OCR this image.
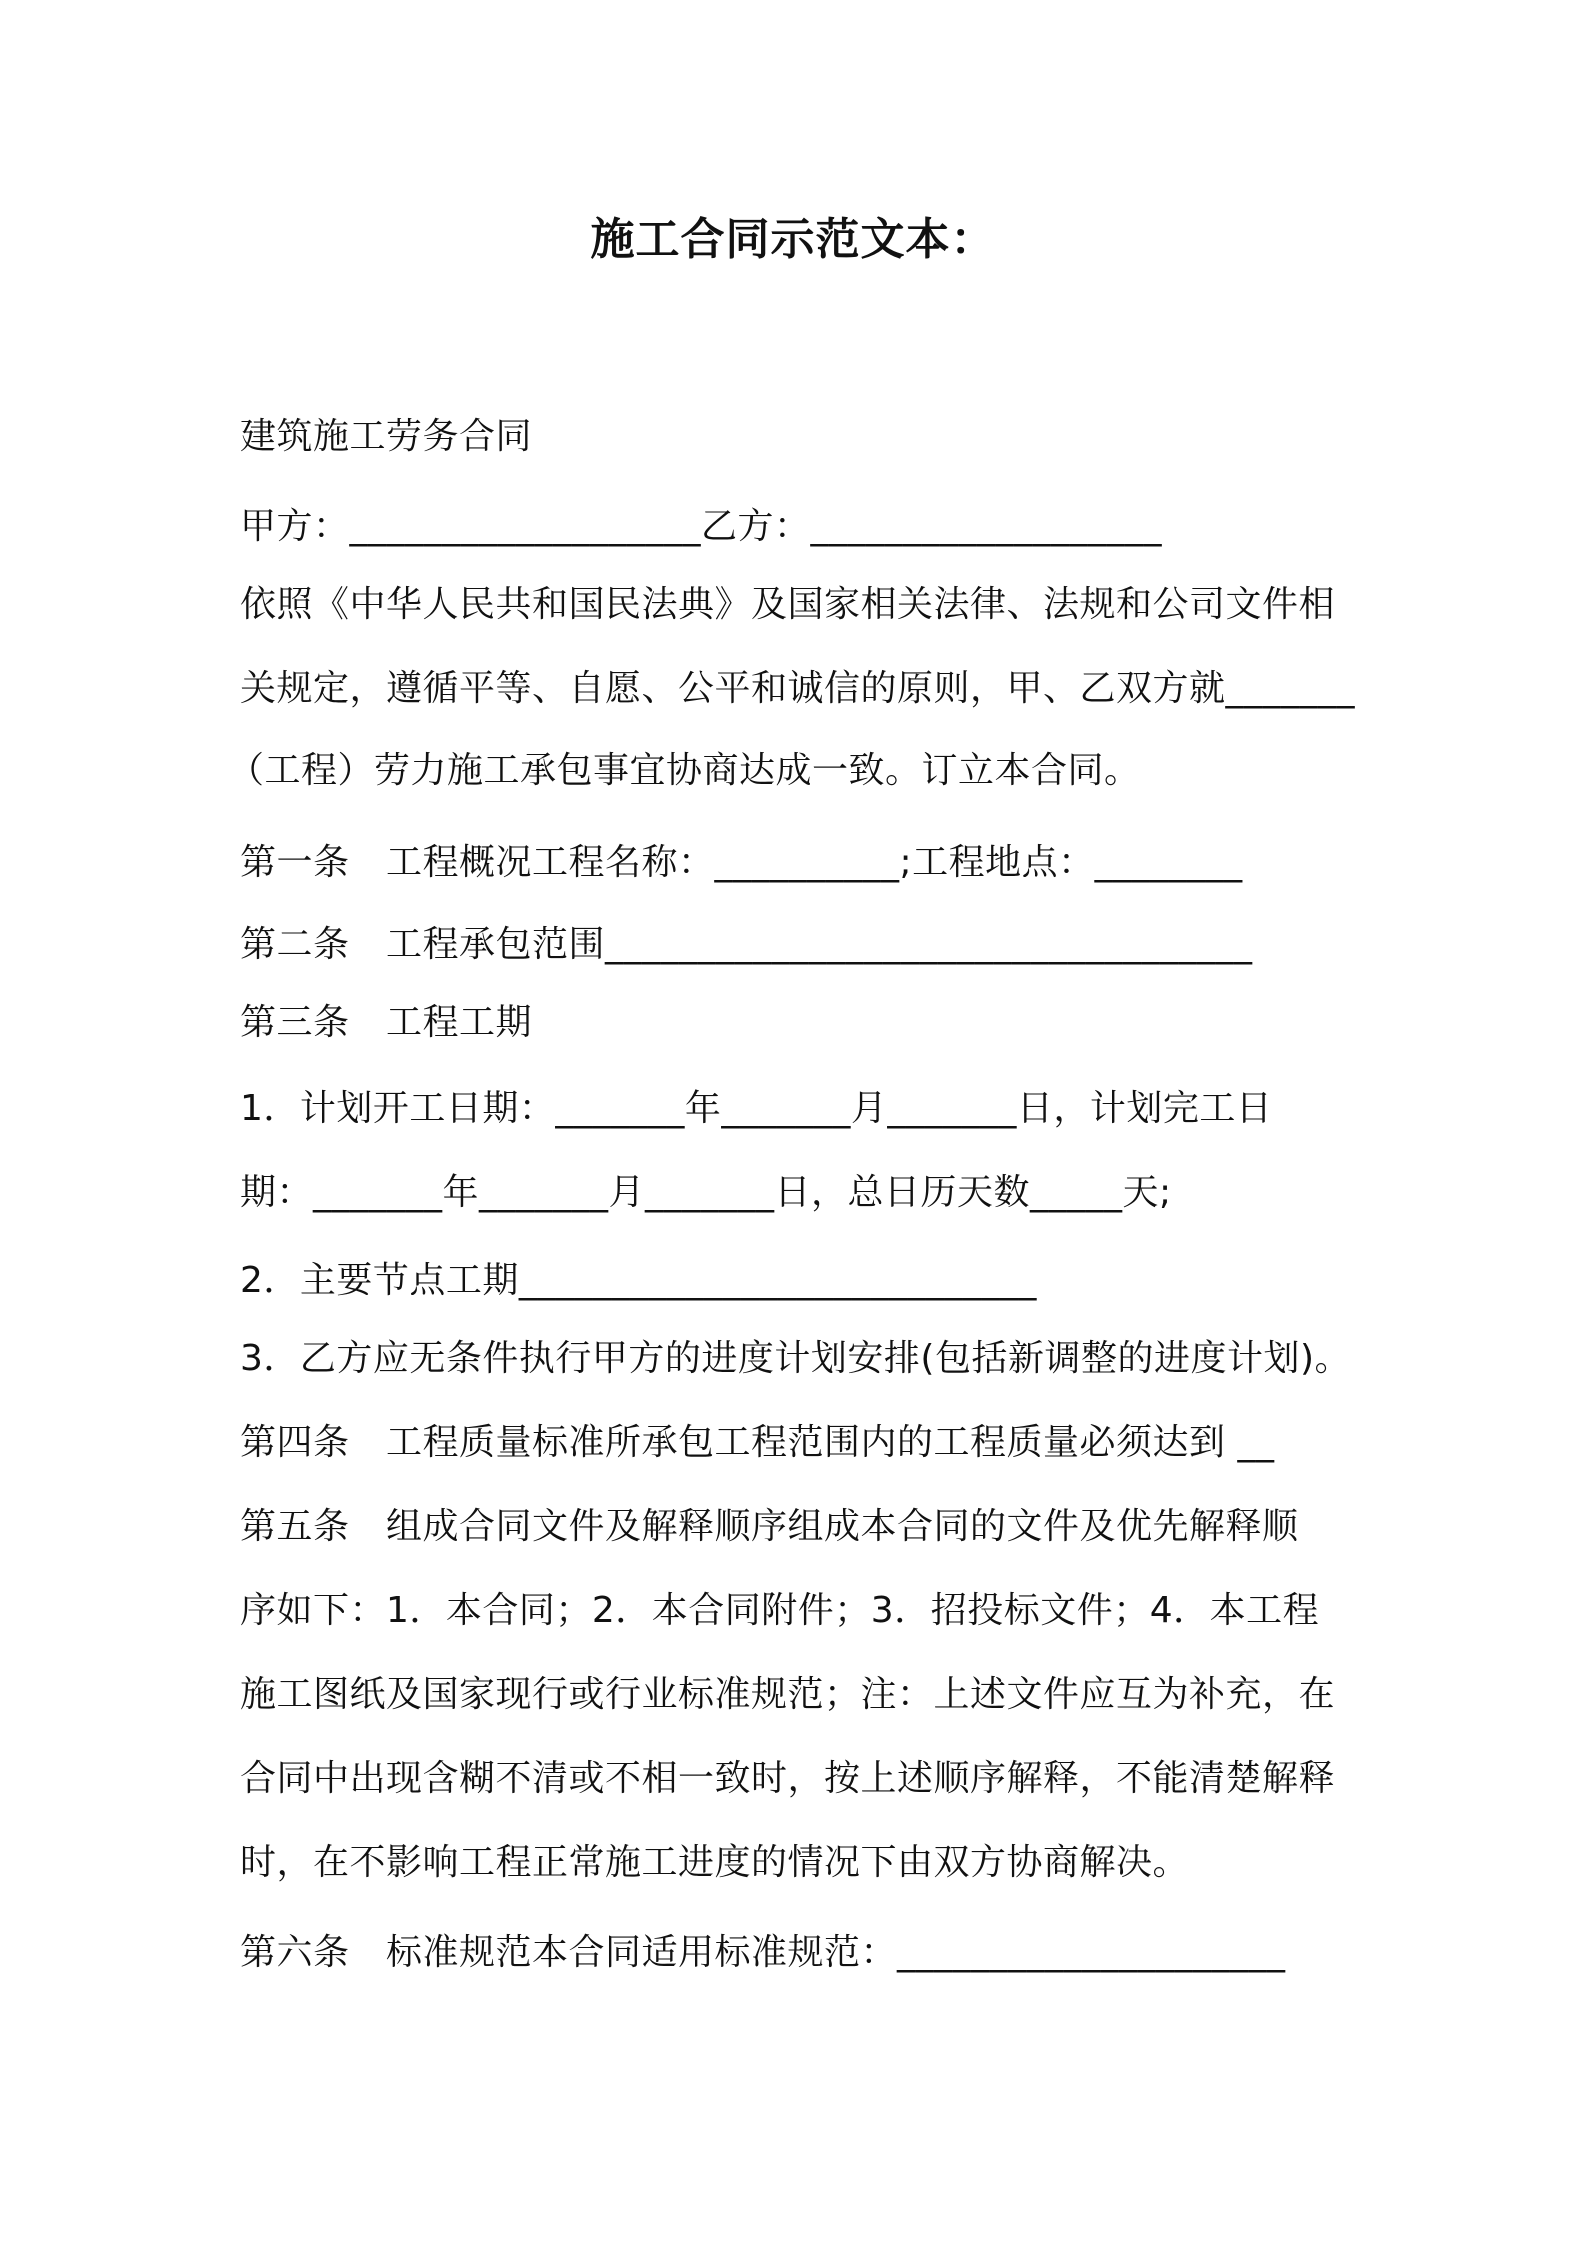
施工合同示范文本：
建筑施工劳务合同
甲方：___________________乙方：___________________
依照《中华人民共和国民法典》及国家相关法律、法规和公司文件相
关规定，遵循平等、自愿、公平和诚信的原则，甲、乙双方就_______
（工程）劳力施工承包事宜协商达成一致。订立本合同。
第一条　工程概况工程名称：__________;工程地点：________
第二条　工程承包范围___________________________________
第三条　工程工期
1．计划开工日期：_______年_______月_______日，计划完工日
期：_______年_______月_______日，总日历天数_____天;
2．主要节点工期____________________________
3．乙方应无条件执行甲方的进度计划安排(包括新调整的进度计划)。
第四条　工程质量标准所承包工程范围内的工程质量必须达到 __
第五条　组成合同文件及解释顺序组成本合同的文件及优先解释顺
序如下：1．本合同；2．本合同附件；3．招投标文件；4．本工程
施工图纸及国家现行或行业标准规范；注：上述文件应互为补充，在
合同中出现含糊不清或不相一致时，按上述顺序解释，不能清楚解释
时，在不影响工程正常施工进度的情况下由双方协商解决。
第六条　标准规范本合同适用标准规范：_____________________
